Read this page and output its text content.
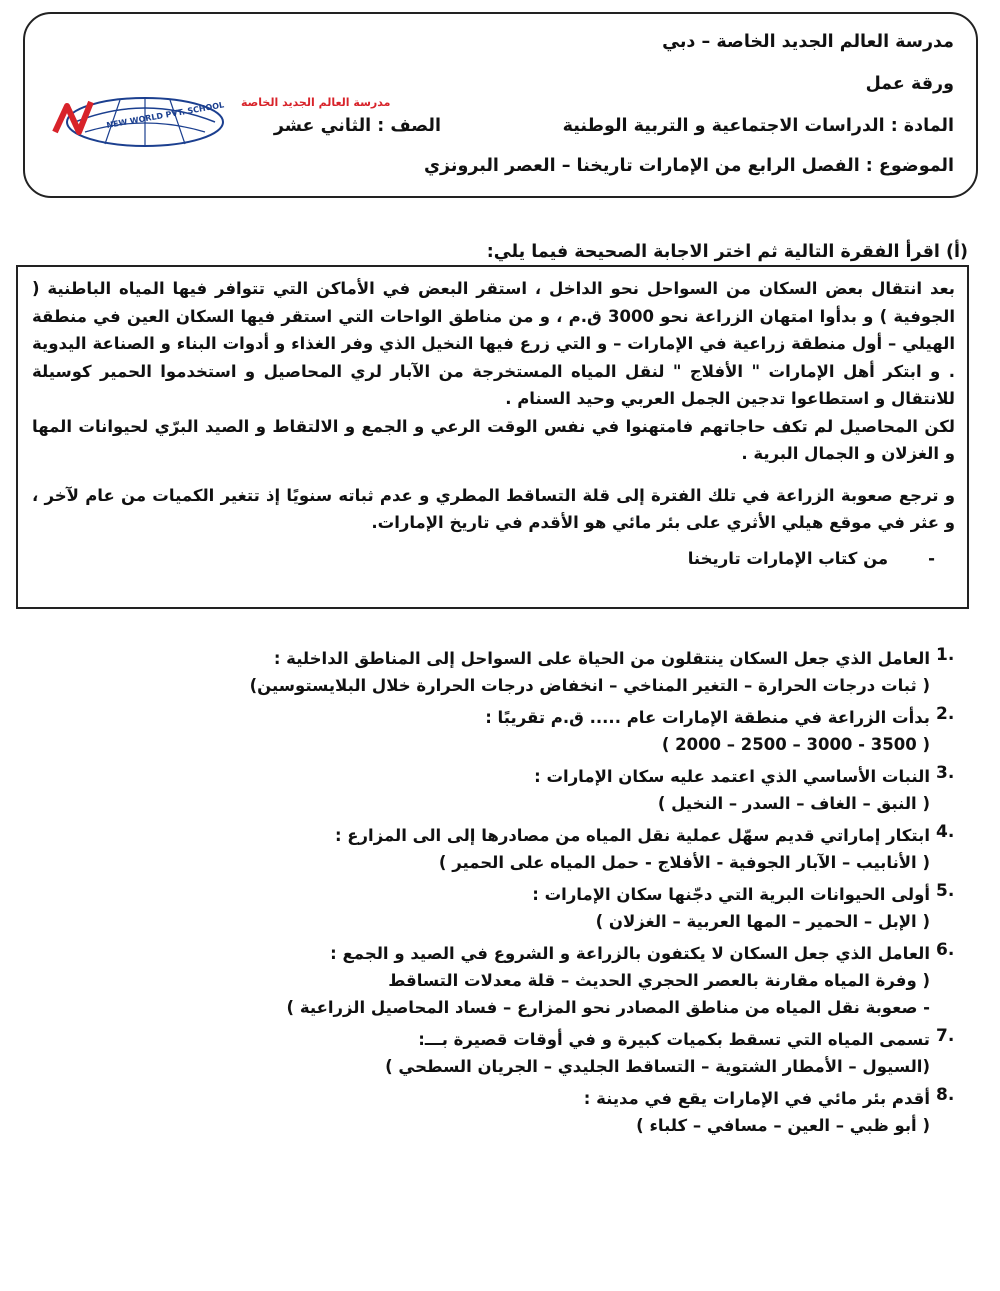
مدرسة العالم الجديد الخاصة – دبي
ورقة عمل
المادة : الدراسات الاجتماعية و التربية الوطنية
الصف : الثاني عشر
الموضوع : الفصل الرابع من الإمارات تاريخنا – العصر البرونزي
مدرسة العالم الجديد الخاصة
NEW WORLD PVT. SCHOOL
(أ) اقرأ الفقرة التالية ثم اختر الاجابة الصحيحة فيما يلي:

بعد انتقال بعض السكان من السواحل نحو الداخل ، استقر البعض في الأماكن التي تتوافر فيها المياه الباطنية ( الجوفية ) و بدأوا امتهان الزراعة نحو 3000 ق.م ، و من مناطق الواحات التي استقر فيها السكان العين في منطقة الهيلي – أول منطقة زراعية في الإمارات – و التي زرع فيها النخيل الذي وفر الغذاء و أدوات البناء و الصناعة اليدوية . و ابتكر أهل الإمارات " الأفلاج " لنقل المياه المستخرجة من الآبار لري المحاصيل و استخدموا الحمير كوسيلة للانتقال و استطاعوا تدجين الجمل العربي وحيد السنام .

لكن المحاصيل لم تكف حاجاتهم فامتهنوا في نفس الوقت الرعي و الجمع و الالتقاط و الصيد البرّي لحيوانات المها و الغزلان و الجمال البرية .

و ترجع صعوبة الزراعة في تلك الفترة إلى قلة التساقط المطري و عدم ثباته سنويًا إذ تتغير الكميات من عام لآخر ، و عثر في موقع هيلي الأثري على بئر مائي هو الأقدم في تاريخ الإمارات.

-من كتاب الإمارات تاريخنا
1.
العامل الذي جعل السكان ينتقلون من الحياة على السواحل إلى المناطق الداخلية :
( ثبات درجات الحرارة – التغير المناخي – انخفاض درجات الحرارة خلال البلايستوسين)
2.
بدأت الزراعة في منطقة الإمارات عام ..... ق.م تقريبًا :
( 3500 - 3000 – 2500 – 2000 )
3.
النبات الأساسي الذي اعتمد عليه سكان الإمارات :
( النبق – الغاف – السدر – النخيل )
4.
ابتكار إماراتي قديم سهّل عملية نقل المياه من مصادرها إلى الى المزارع :
( الأنابيب – الآبار الجوفية - الأفلاج - حمل المياه على الحمير )
5.
أولى الحيوانات البرية التي دجّنها سكان الإمارات :
( الإبل – الحمير – المها العربية – الغزلان )
6.
العامل الذي جعل السكان لا يكتفون بالزراعة و الشروع في الصيد و الجمع :
( وفرة المياه مقارنة بالعصر الحجري الحديث – قلة معدلات التساقط
- صعوبة نقل المياه من مناطق المصادر نحو المزارع – فساد المحاصيل الزراعية )
7.
تسمى المياه التي تسقط بكميات كبيرة و في أوقات قصيرة بـــ:
(السيول – الأمطار الشتوية – التساقط الجليدي – الجريان السطحي )
8.
أقدم بئر مائي في الإمارات يقع في مدينة :
( أبو ظبي – العين – مسافي – كلباء )
